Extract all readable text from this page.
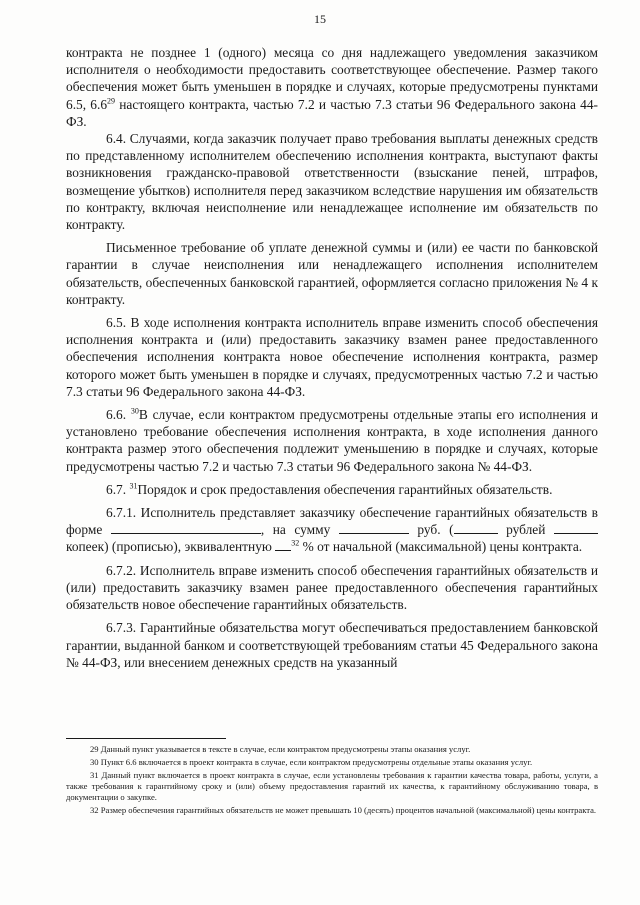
15

контракта не позднее 1 (одного) месяца со дня надлежащего уведомления заказчиком исполнителя о необходимости предоставить соответствующее обеспечение. Размер такого обеспечения может быть уменьшен в порядке и случаях, которые предусмотрены пунктами 6.5, $6.6^{29}$ настоящего контракта, частью 7.2 и частью 7.3 статьи 96 Федерального закона 44-ФЗ.

6.4. Случаями, когда заказчик получает право требования выплаты денежных средств по представленному исполнителем обеспечению исполнения контракта, выступают факты возникновения гражданско-правовой ответственности (взыскание пеней, штрафов, возмещение убытков) исполнителя перед заказчиком вследствие нарушения им обязательств по контракту, включая неисполнение или ненадлежащее исполнение им обязательств по контракту.

Письменное требование об уплате денежной суммы и (или) ее части по банковской гарантии в случае неисполнения или ненадлежащего исполнения исполнителем обязательств, обеспеченных банковской гарантией, оформляется согласно приложения № 4 к контракту.

6.5. В ходе исполнения контракта исполнитель вправе изменить способ обеспечения исполнения контракта и (или) предоставить заказчику взамен ранее предоставленного обеспечения исполнения контракта новое обеспечение исполнения контракта, размер которого может быть уменьшен в порядке и случаях, предусмотренных частью 7.2 и частью 7.3 статьи 96 Федерального закона 44-ФЗ.

6.6. $^{30}$В случае, если контрактом предусмотрены отдельные этапы его исполнения и установлено требование обеспечения исполнения контракта, в ходе исполнения данного контракта размер этого обеспечения подлежит уменьшению в порядке и случаях, которые предусмотрены частью 7.2 и частью 7.3 статьи 96 Федерального закона № 44-ФЗ.

6.7. $^{31}$Порядок и срок предоставления обеспечения гарантийных обязательств.

6.7.1. Исполнитель представляет заказчику обеспечение гарантийных обязательств в форме	, на сумму	руб. (	рублей  копеек) (прописью), эквивалентную $^{32}$ % от начальной (максимальной) цены контракта.

6.7.2. Исполнитель вправе изменить способ обеспечения гарантийных обязательств и (или) предоставить заказчику взамен ранее предоставленного обеспечения гарантийных обязательств новое обеспечение гарантийных обязательств.

6.7.3. Гарантийные обязательства могут обеспечиваться предоставлением банковской гарантии, выданной банком и соответствующей требованиям статьи 45 Федерального закона № 44-ФЗ, или внесением денежных средств на указанный

29 Данный пункт указывается в тексте в случае, если контрактом предусмотрены этапы оказания услуг.

30 Пункт 6.6 включается в проект контракта в случае, если контрактом предусмотрены отдельные этапы оказания услуг.

31 Данный пункт включается в проект контракта в случае, если установлены требования к гарантии качества товара, работы, услуги, а также требования к гарантийному сроку и (или) объему предоставления гарантий их качества, к гарантийному обслуживанию товара, в документации о закупке.

32 Размер обеспечения гарантийных обязательств не может превышать 10 (десять) процентов начальной (максимальной) цены контракта.
